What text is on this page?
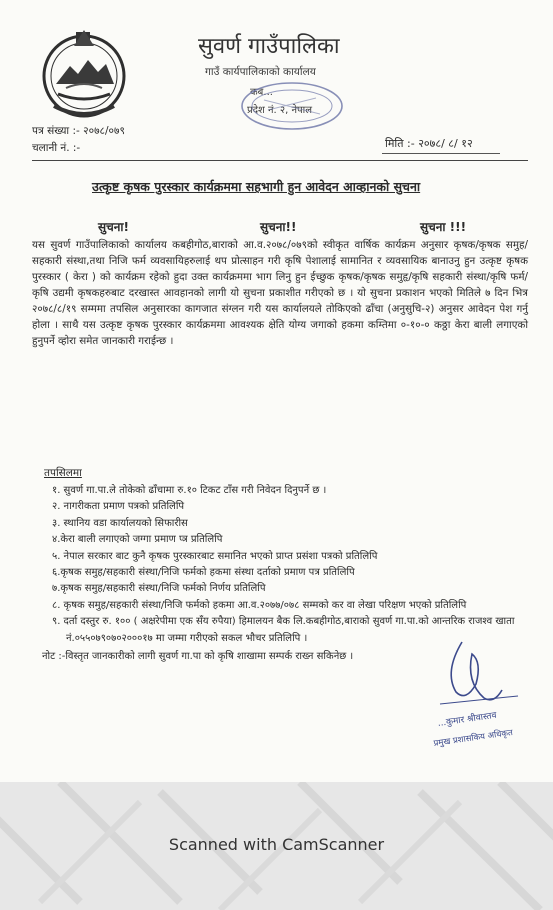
सुवर्ण गाउँपालिका
गाउँ कार्यपालिकाको कार्यालय
कब...
प्रदेश नं. २, नेपाल
पत्र संख्या :- २०७८/०७९
चलानी नं. :-	मिति :- २०७८/ ८/ १२
उत्कृष्ट कृषक पुरस्कार कार्यक्रममा सहभागी हुन आवेदन आव्हानको सुचना
सुचना!	सुचना!!	सुचना !!!
यस सुवर्ण गाउँपालिकाको कार्यालय कबहीगोठ,बाराको आ.व.२०७८/०७९को स्वीकृत वार्षिक कार्यक्रम अनुसार कृषक/कृषक समुह/सहकारी संस्था,तथा निजि फर्म व्यवसायिहरुलाई थप प्रोत्साहन गरी कृषि पेशालाई सामानित र व्यवसायिक बानाउनु हुन उत्कृष्ट कृषक पुरस्कार ( केरा ) को कार्यक्रम रहेको हुदा उक्त कार्यक्रममा भाग लिनु हुन ईच्छुक कृषक/कृषक समुहृ/कृषि सहकारी संस्था/कृषि फर्म/कृषि उद्यमी कृषकहरुबाट दरखास्त आवहानको लागी यो सुचना प्रकाशीत गरीएको छ । यो सुचना प्रकाशन भएको मितिले ७ दिन भित्र २०७८/८/१९ सम्ममा तपसिल अनुसारका कागजात संग्लन गरी यस कार्यालयले तोकिएको ढाँचा (अनुसुचि-२) अनुसर आवेदन पेश गर्नु होला । साथै यस उत्कृष्ट कृषक पुरस्कार कार्यक्रममा आवश्यक क्षेति योग्य जगाको हकमा कम्तिमा ०-१०-० कठ्ठा केरा बाली लगाएको हुनुपर्ने व्होरा समेत जानकारी गराईन्छ ।
तपसिलमा
१. सुवर्ण गा.पा.ले तोकेको ढाँचामा रु.१० टिकट टाँस गरी निवेदन दिनुपर्ने छ ।
२. नागरीकता प्रमाण पत्रको प्रतिलिपि
३. स्थानिय वडा कार्यालयको सिफारीस
४.केरा बाली लगाएको जग्गा प्रमाण प्त्र प्रतिलिपि
५. नेपाल सरकार बाट कुनै कृषक पुरस्कारबाट समानित भएको प्राप्त प्रसंशा पत्रको प्रतिलिपि
६.कृषक समुह/सहकारी संस्था/निजि फर्मको हकमा संस्था दर्ताको प्रमाण पत्र प्रतिलिपि
७.कृषक समुह/सहकारी संस्था/निजि फर्मको निर्णय प्रतिलिपि
८. कृषक समुह/सहकारी संस्था/निजि फर्मको हकमा आ.व.२०७७/०७८ सम्मको कर वा लेखा परिक्षण भएको प्रतिलिपि
९. दर्ता दस्तुर रु. १०० ( अक्षरेपीमा एक सँय रुपैया) हिमालयन बैक लि.कबहीगोठ,बाराको सुवर्ण गा.पा.को आन्तरिक राजश्व खाता नं.०५५०७९०७०२०००१७ मा जम्मा गरीएको सकल भौचर प्रतिलिपि ।
नोट :-विस्तृत जानकारीको लागी सुवर्ण गा.पा को कृषि शाखामा सम्पर्क राख्न सकिनेछ ।
...कुमार श्रीवास्तव
प्रमुख प्रशासकिय अधिकृत
Scanned with CamScanner
